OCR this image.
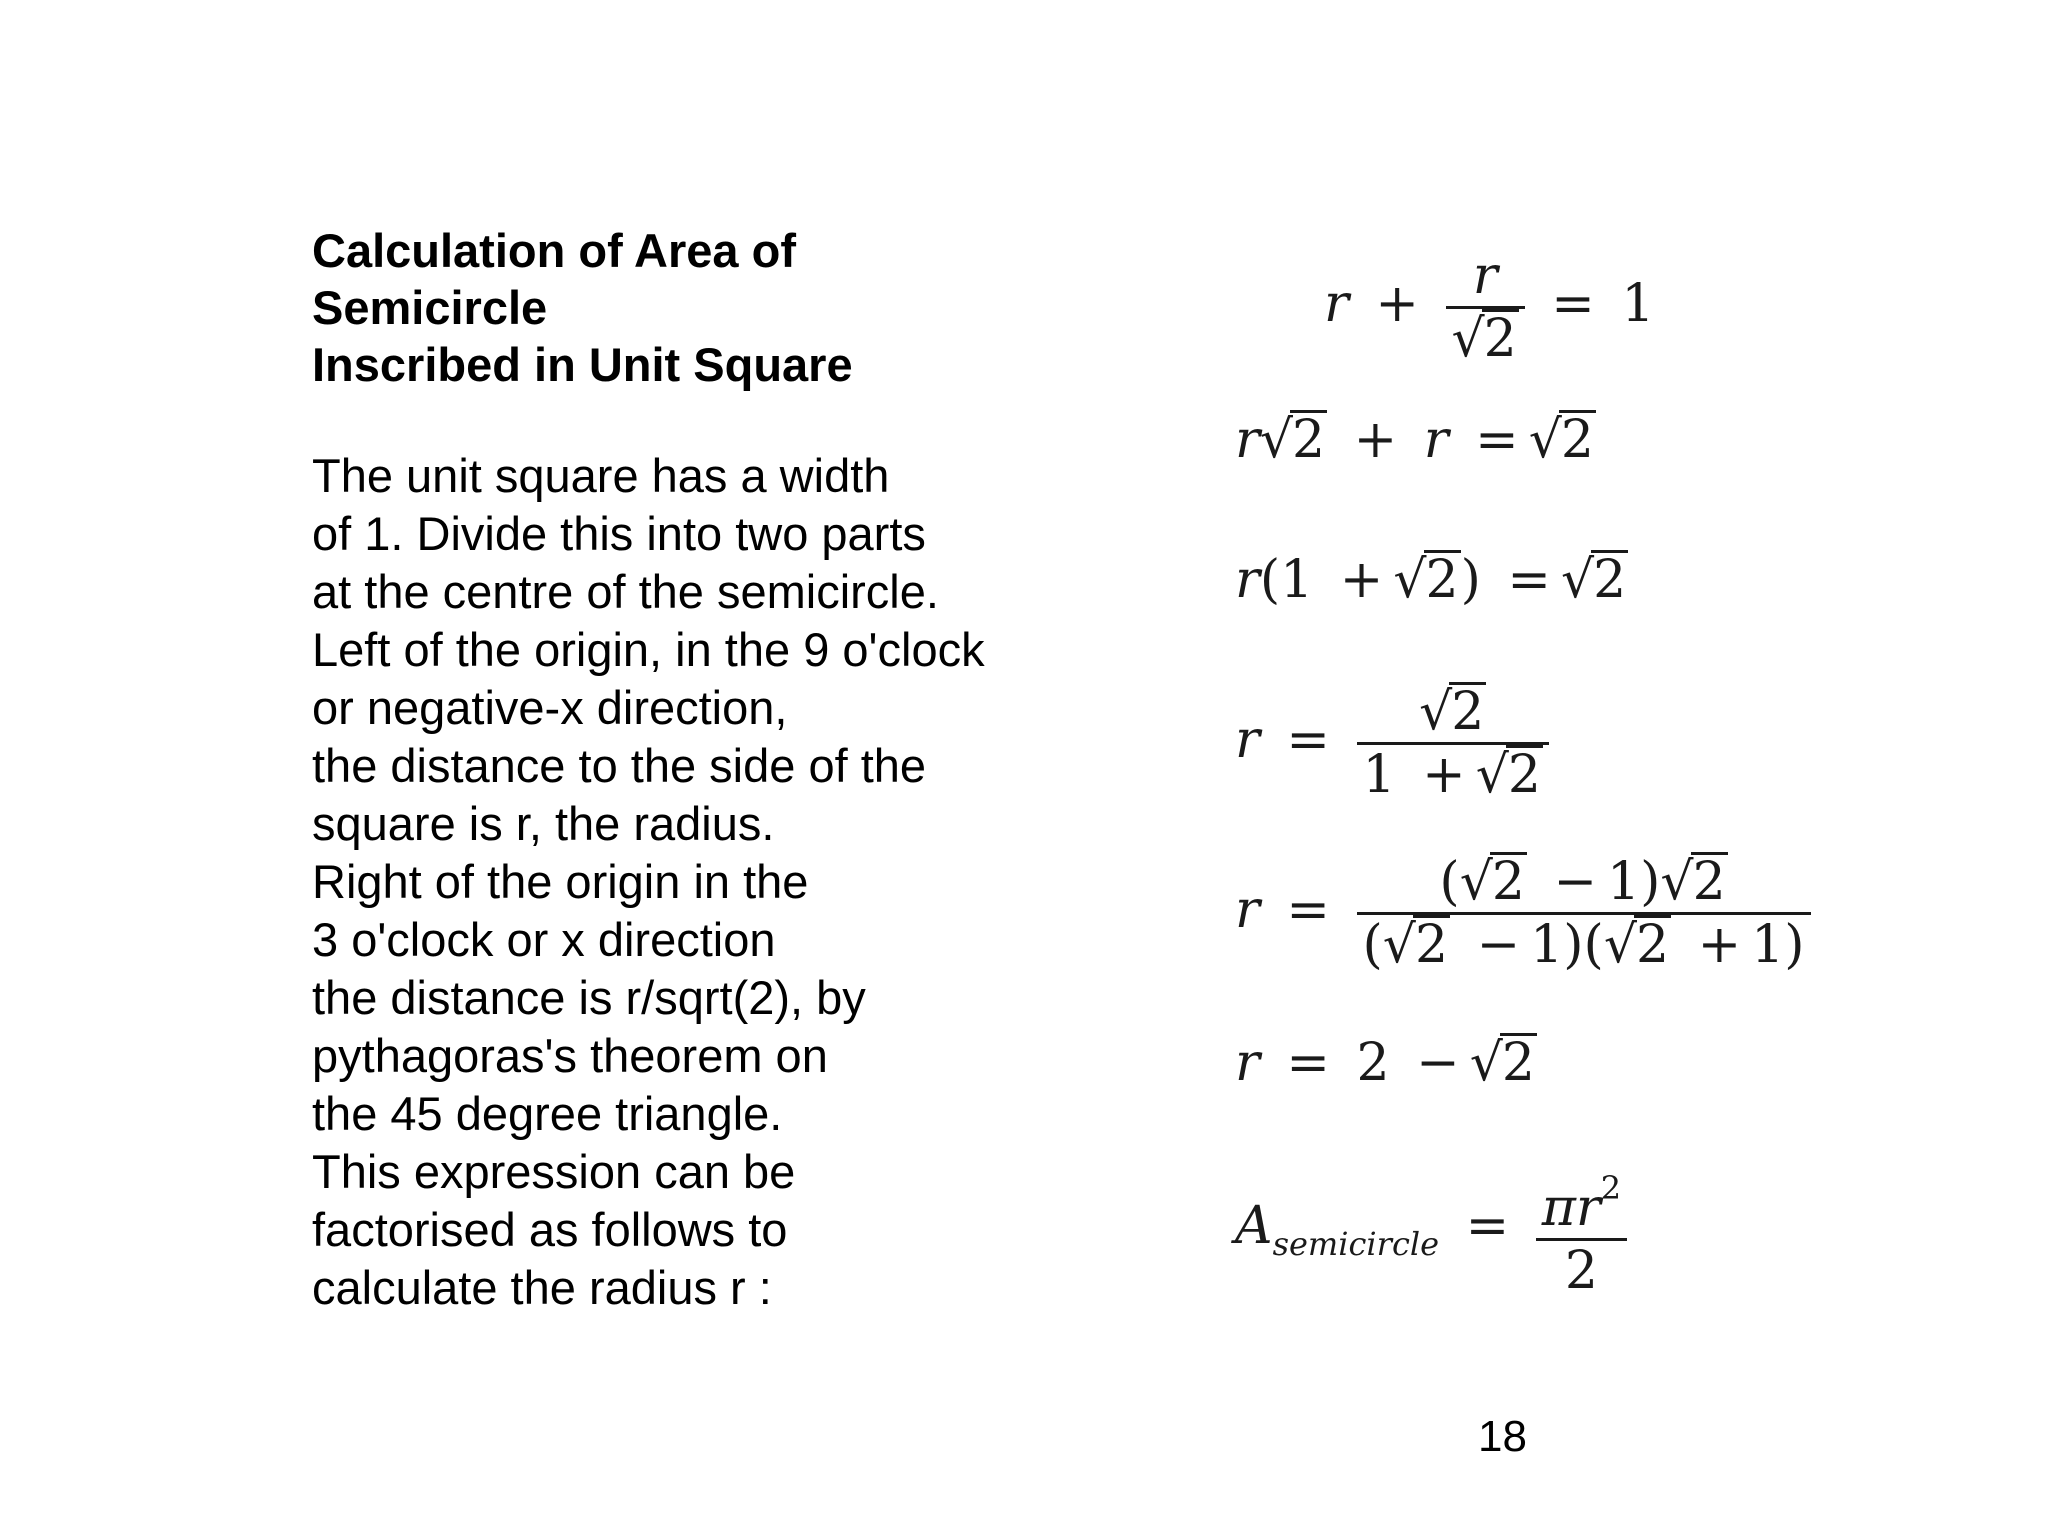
Calculation of Area of
Semicircle
Inscribed in Unit Square
The unit square has a width
of 1. Divide this into two parts
at the centre of the semicircle.
Left of the origin, in the 9 o'clock
or negative-x direction,
the distance to the side of the
square is r, the radius.
Right of the origin in the
3 o'clock or x direction
the distance is r/sqrt(2), by
pythagoras's theorem on
the 45 degree triangle.
This expression can be
factorised as follows to
calculate the radius r :
$r + \frac{r}{√2} = 1$
r√2 + r = √2
r(1 + √2) = √2
$r = \frac{√2}{1 + √2}$
$r = \frac{(√2 - 1)√2}{(√2 - 1)(√2 + 1)}$
r = 2 − √2
$A_{semicircle} = \frac{\pi r^2}{2}$
18
